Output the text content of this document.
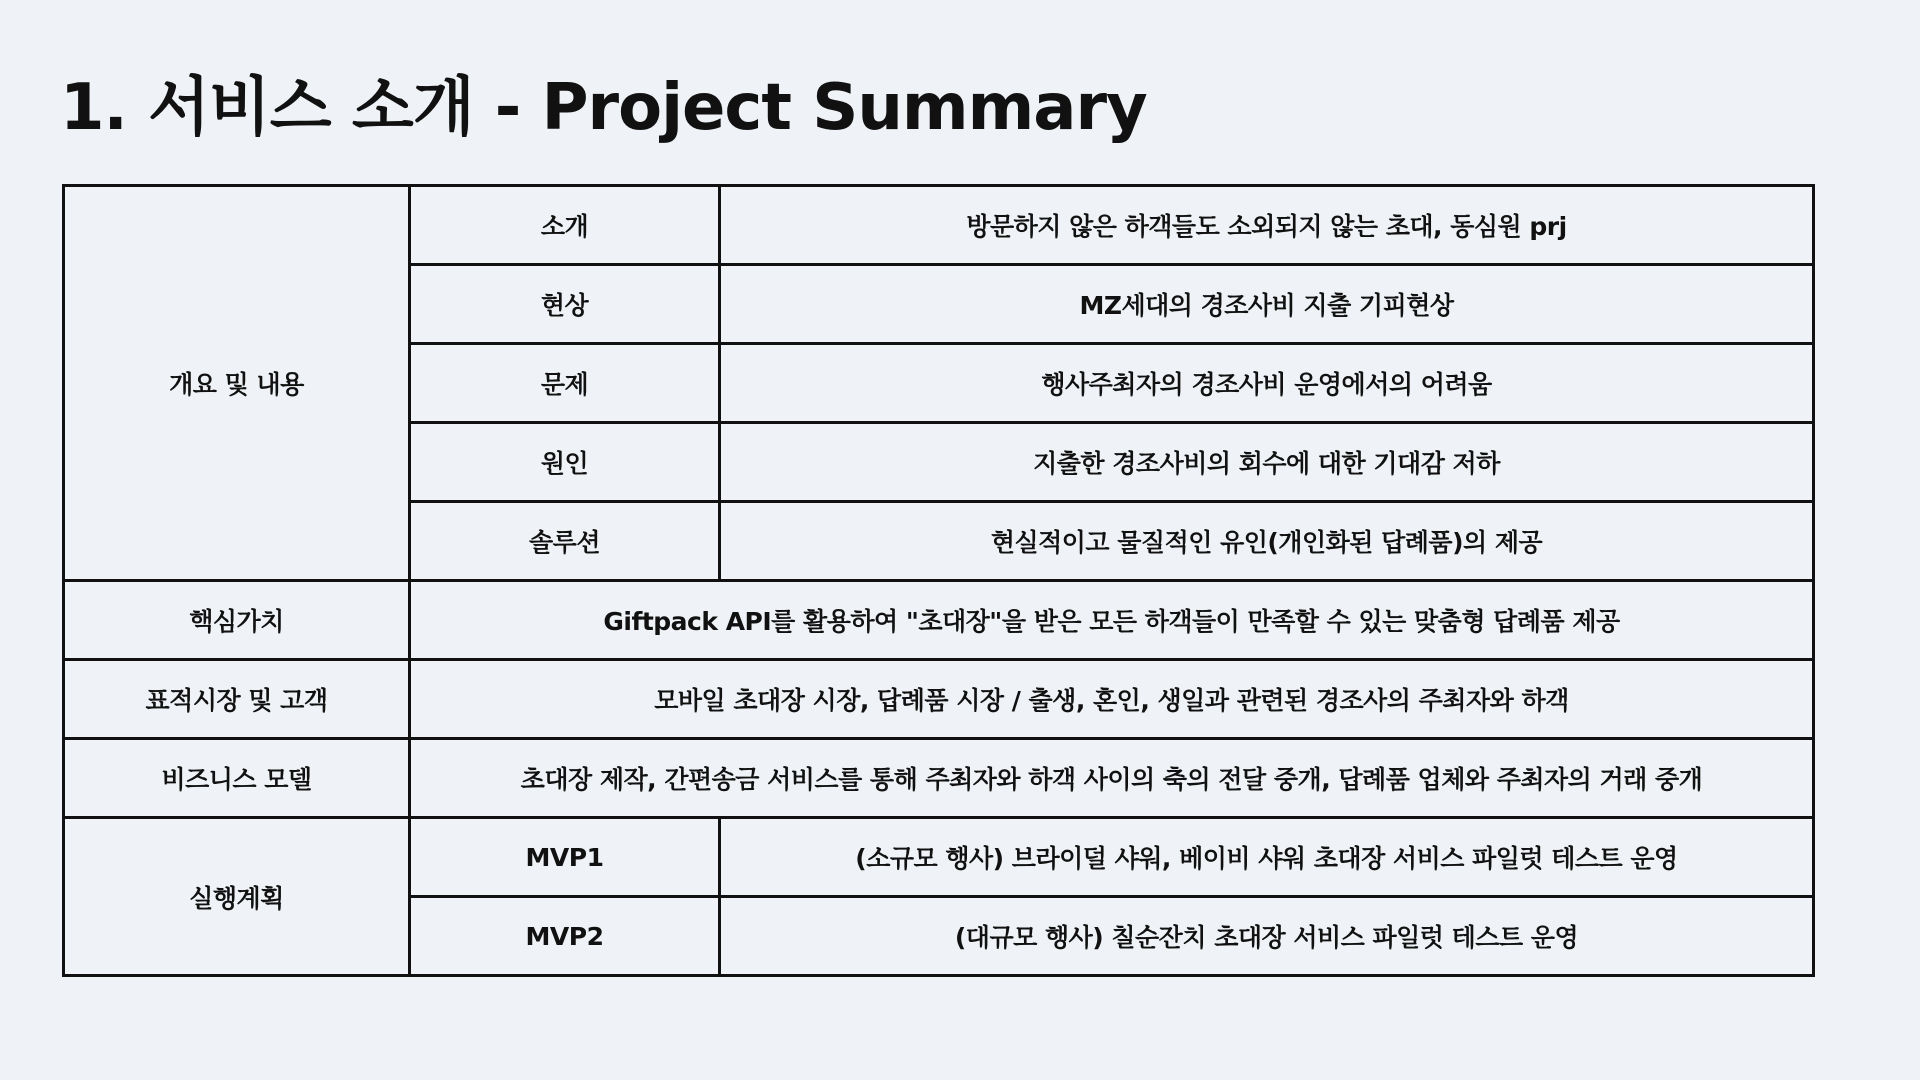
1. 서비스 소개 - Project Summary
개요 및 내용	소개	방문하지 않은 하객들도 소외되지 않는 초대, 동심원 prj
	현상	MZ세대의 경조사비 지출 기피현상
	문제	행사주최자의 경조사비 운영에서의 어려움
	원인	지출한 경조사비의 회수에 대한 기대감 저하
	솔루션	현실적이고 물질적인 유인(개인화된 답례품)의 제공
핵심가치	Giftpack API를 활용하여 "초대장"을 받은 모든 하객들이 만족할 수 있는 맞춤형 답례품 제공	
표적시장 및 고객	모바일 초대장 시장, 답례품 시장 / 출생, 혼인, 생일과 관련된 경조사의 주최자와 하객	
비즈니스 모델	초대장 제작, 간편송금 서비스를 통해 주최자와 하객 사이의 축의 전달 중개, 답례품 업체와 주최자의 거래 중개	
실행계획	MVP1	(소규모 행사) 브라이덜 샤워, 베이비 샤워 초대장 서비스 파일럿 테스트 운영
	MVP2	(대규모 행사) 칠순잔치 초대장 서비스 파일럿 테스트 운영
